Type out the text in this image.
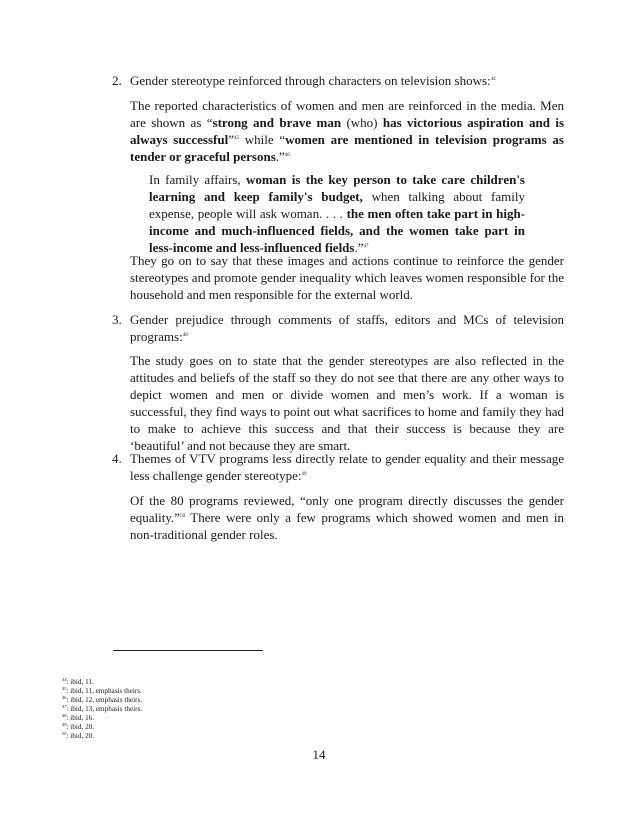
2. Gender stereotype reinforced through characters on television shows:$^{44}$
The reported characteristics of women and men are reinforced in the media. Men are shown as “strong and brave man (who) has victorious aspiration and is always successful”$^{45}$ while “women are mentioned in television programs as tender or graceful persons.”$^{46}$
In family affairs, woman is the key person to take care children's learning and keep family's budget, when talking about family expense, people will ask woman. . . . the men often take part in high-income and much-influenced fields, and the women take part in less-income and less-influenced fields.”$^{47}$
They go on to say that these images and actions continue to reinforce the gender stereotypes and promote gender inequality which leaves women responsible for the household and men responsible for the external world.
3. Gender prejudice through comments of staffs, editors and MCs of television programs:$^{48}$
The study goes on to state that the gender stereotypes are also reflected in the attitudes and beliefs of the staff so they do not see that there are any other ways to depict women and men or divide women and men’s work. If a woman is successful, they find ways to point out what sacrifices to home and family they had to make to achieve this success and that their success is because they are ‘beautiful’ and not because they are smart.
4. Themes of VTV programs less directly relate to gender equality and their message less challenge gender stereotype:$^{49}$
Of the 80 programs reviewed, “only one program directly discusses the gender equality.”$^{50}$ There were only a few programs which showed women and men in non-traditional gender roles.
$^{44}$: ibid, 11.
$^{45}$: ibid, 11, emphasis theirs.
$^{46}$: ibid, 12, emphasis theirs.
$^{47}$: ibid, 13, emphasis theirs.
$^{48}$: ibid, 16.
$^{49}$: ibid, 20.
$^{50}$: ibid, 20.
14
